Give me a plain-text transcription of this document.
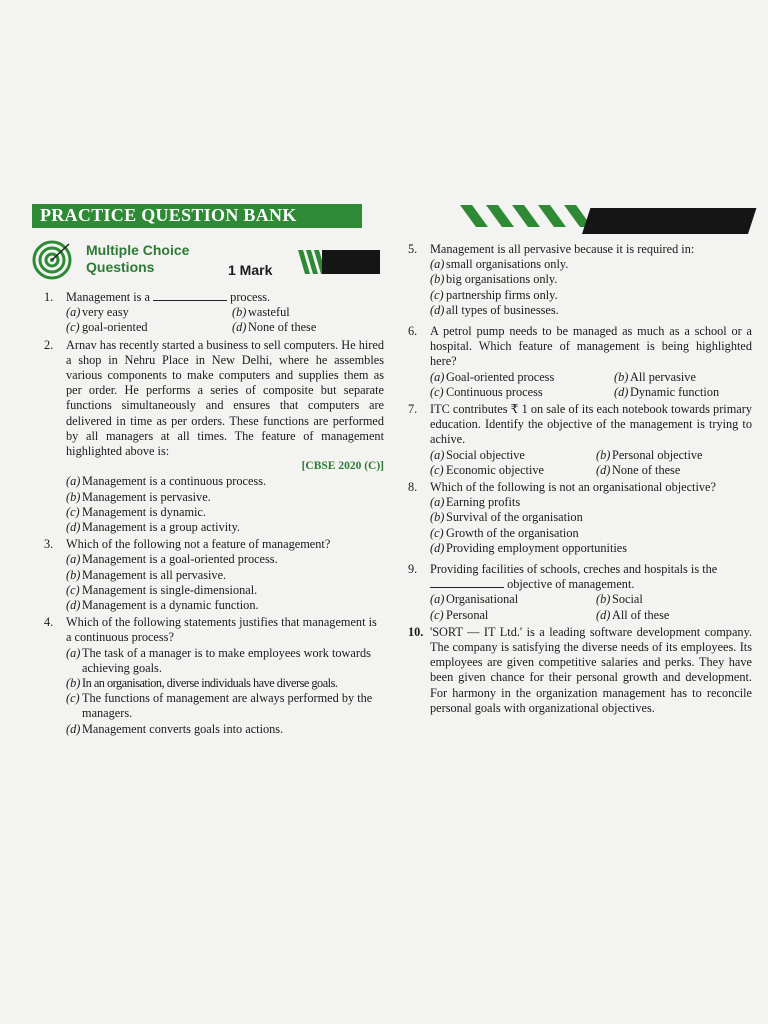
PRACTICE QUESTION BANK
Multiple Choice
Questions	1 Mark
1. Management is a	process.
(a) very easy	(b) wasteful
(c) goal-oriented	(d) None of these
2. Arnav has recently started a business to sell computers. He hired a shop in Nehru Place in New Delhi, where he assembles various components to make computers and supplies them as per order. He performs a series of composite but separate functions simultaneously and ensures that computers are delivered in time as per orders. These functions are performed by all managers at all times. The feature of management highlighted above is:
[CBSE 2020 (C)]
(a) Management is a continuous process.
(b) Management is pervasive.
(c) Management is dynamic.
(d) Management is a group activity.
3. Which of the following not a feature of management?
(a) Management is a goal-oriented process.
(b) Management is all pervasive.
(c) Management is single-dimensional.
(d) Management is a dynamic function.
4. Which of the following statements justifies that management is a continuous process?
(a) The task of a manager is to make employees work towards achieving goals.
(b) In an organisation, diverse individuals have diverse goals.
(c) The functions of management are always performed by the managers.
(d) Management converts goals into actions.
5. Management is all pervasive because it is required in:
(a) small organisations only.
(b) big organisations only.
(c) partnership firms only.
(d) all types of businesses.
6. A petrol pump needs to be managed as much as a school or a hospital. Which feature of management is being highlighted here?
(a) Goal-oriented process	(b) All pervasive
(c) Continuous process	(d) Dynamic function
7. ITC contributes ₹ 1 on sale of its each notebook towards primary education. Identify the objective of the management is trying to achive.
(a) Social objective	(b) Personal objective
(c) Economic objective	(d) None of these
8. Which of the following is not an organisational objective?
(a) Earning profits
(b) Survival of the organisation
(c) Growth of the organisation
(d) Providing employment opportunities
9. Providing facilities of schools, creches and hospitals is the  objective of management.
(a) Organisational	(b) Social
(c) Personal	(d) All of these
10. 'SORT — IT Ltd.' is a leading software development company. The company is satisfying the diverse needs of its employees. Its employees are given competitive salaries and perks. They have been given chance for their personal growth and development. For harmony in the organization management has to reconcile personal goals with organizational objectives.
